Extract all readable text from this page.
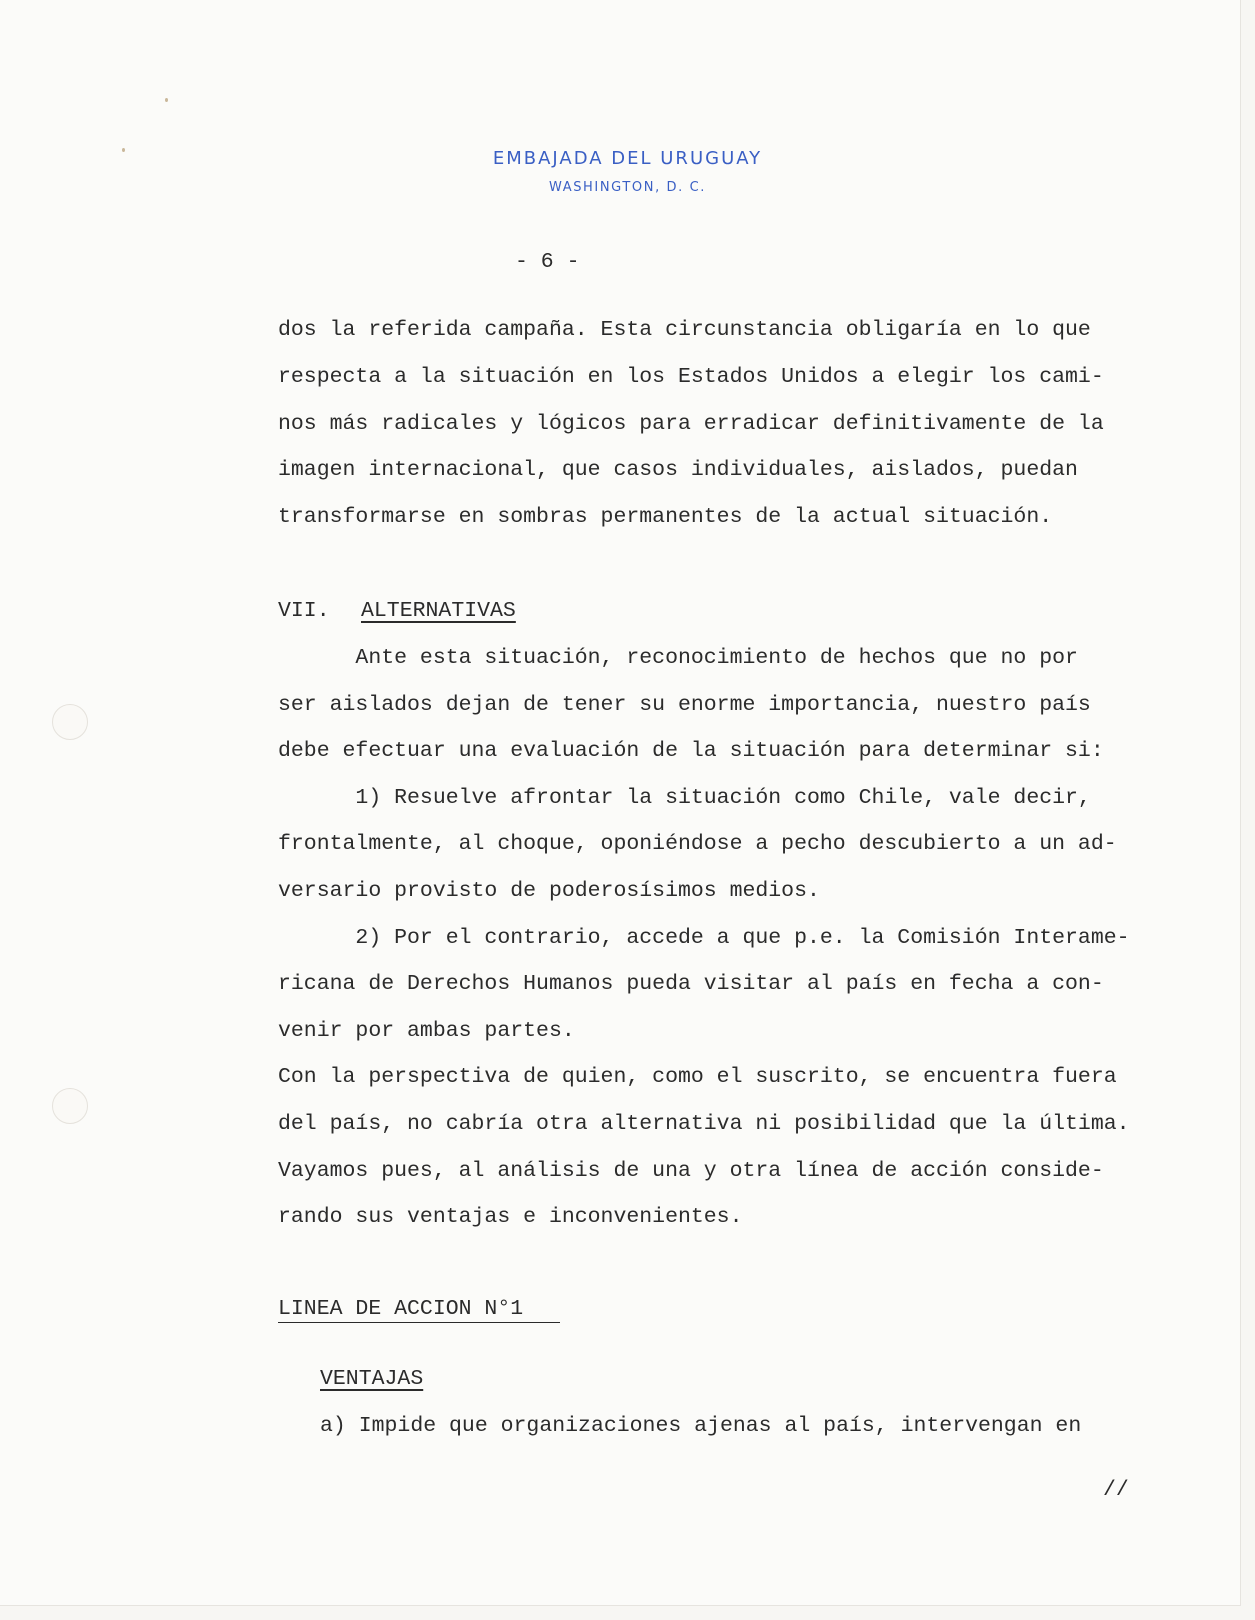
EMBAJADA DEL URUGUAY
WASHINGTON, D. C.
- 6 -
dos la referida campaña. Esta circunstancia obligaría en lo que
respecta a la situación en los Estados Unidos a elegir los cami-
nos más radicales y lógicos para erradicar definitivamente de la
imagen internacional, que casos individuales, aislados, puedan
transformarse en sombras permanentes de la actual situación.
VII. ALTERNATIVAS
Ante esta situación, reconocimiento de hechos que no por
ser aislados dejan de tener su enorme importancia, nuestro país
debe efectuar una evaluación de la situación para determinar si:
1) Resuelve afrontar la situación como Chile, vale decir,
frontalmente, al choque, oponiéndose a pecho descubierto a un ad-
versario provisto de poderosísimos medios.
2) Por el contrario, accede a que p.e. la Comisión Interame-
ricana de Derechos Humanos pueda visitar al país en fecha a con-
venir por ambas partes.
Con la perspectiva de quien, como el suscrito, se encuentra fuera
del país, no cabría otra alternativa ni posibilidad que la última.
Vayamos pues, al análisis de una y otra línea de acción conside-
rando sus ventajas e inconvenientes.
LINEA DE ACCION N°1
VENTAJAS
a) Impide que organizaciones ajenas al país, intervengan en
//
